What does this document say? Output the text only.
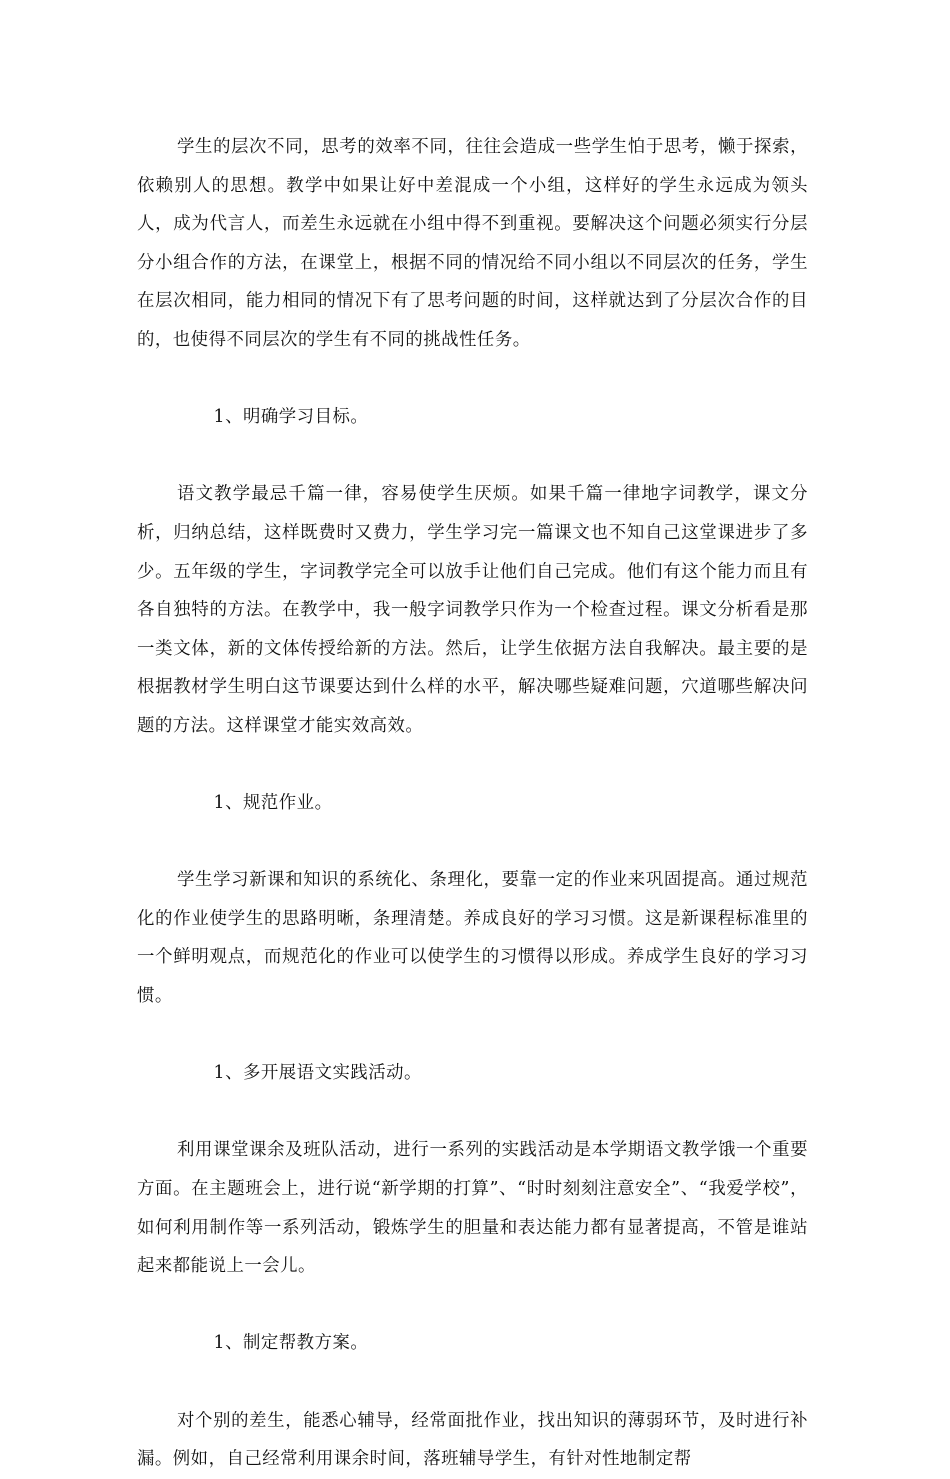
学生的层次不同，思考的效率不同，往往会造成一些学生怕于思考，懒于探索，依赖别人的思想。教学中如果让好中差混成一个小组，这样好的学生永远成为领头人，成为代言人，而差生永远就在小组中得不到重视。要解决这个问题必须实行分层分小组合作的方法，在课堂上，根据不同的情况给不同小组以不同层次的任务，学生在层次相同，能力相同的情况下有了思考问题的时间，这样就达到了分层次合作的目的，也使得不同层次的学生有不同的挑战性任务。

1、明确学习目标。

语文教学最忌千篇一律，容易使学生厌烦。如果千篇一律地字词教学，课文分析，归纳总结，这样既费时又费力，学生学习完一篇课文也不知自己这堂课进步了多少。五年级的学生，字词教学完全可以放手让他们自己完成。他们有这个能力而且有各自独特的方法。在教学中，我一般字词教学只作为一个检查过程。课文分析看是那一类文体，新的文体传授给新的方法。然后，让学生依据方法自我解决。最主要的是根据教材学生明白这节课要达到什么样的水平，解决哪些疑难问题，穴道哪些解决问题的方法。这样课堂才能实效高效。

1、规范作业。

学生学习新课和知识的系统化、条理化，要靠一定的作业来巩固提高。通过规范化的作业使学生的思路明晰，条理清楚。养成良好的学习习惯。这是新课程标准里的一个鲜明观点，而规范化的作业可以使学生的习惯得以形成。养成学生良好的学习习惯。

1、多开展语文实践活动。

利用课堂课余及班队活动，进行一系列的实践活动是本学期语文教学饿一个重要方面。在主题班会上，进行说“新学期的打算”、“时时刻刻注意安全”、“我爱学校”，如何利用制作等一系列活动，锻炼学生的胆量和表达能力都有显著提高，不管是谁站起来都能说上一会儿。

1、制定帮教方案。

对个别的差生，能悉心辅导，经常面批作业，找出知识的薄弱环节，及时进行补漏。例如，自己经常利用课余时间，落班辅导学生，有针对性地制定帮
